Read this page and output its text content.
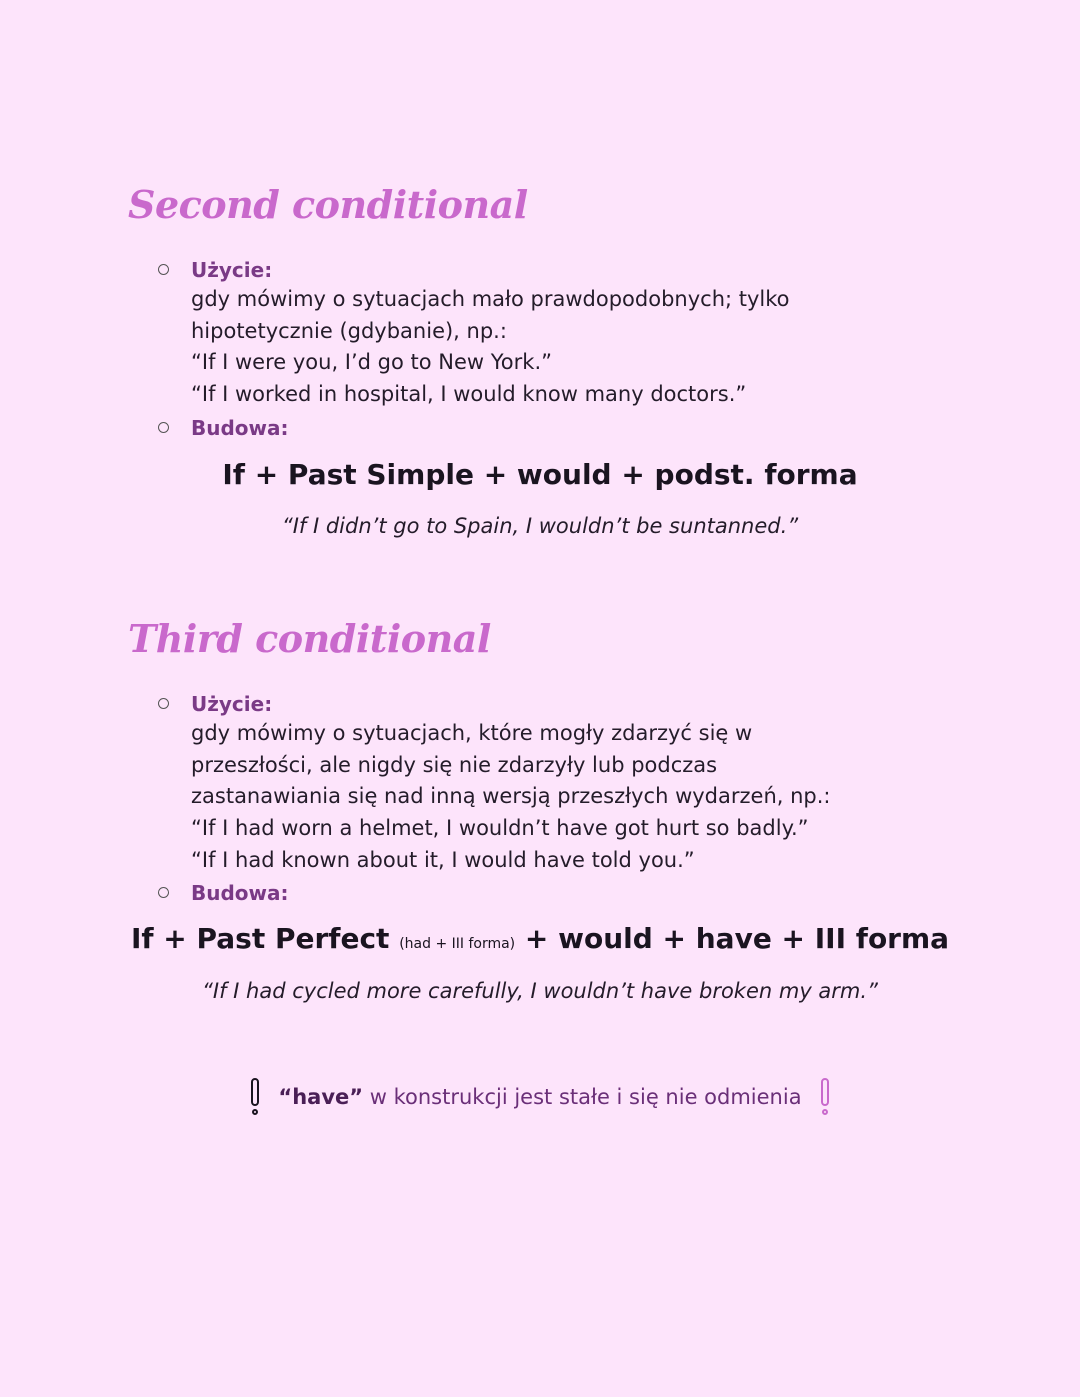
Second conditional
Użycie:
gdy mówimy o sytuacjach mało prawdopodobnych; tylko
hipotetycznie (gdybanie), np.:
“If I were you, I’d go to New York.”
“If I worked in hospital, I would know many doctors.”
Budowa:
If + Past Simple + would + podst. forma
“If I didn’t go to Spain, I wouldn’t be suntanned.”
Third conditional
Użycie:
gdy mówimy o sytuacjach, które mogły zdarzyć się w
przeszłości, ale nigdy się nie zdarzyły lub podczas
zastanawiania się nad inną wersją przeszłych wydarzeń, np.:
“If I had worn a helmet, I wouldn’t have got hurt so badly.”
“If I had known about it, I would have told you.”
Budowa:
If + Past Perfect (had + III forma) + would + have + III forma
“If I had cycled more carefully, I wouldn’t have broken my arm.”
“have” w konstrukcji jest stałe i się nie odmienia
